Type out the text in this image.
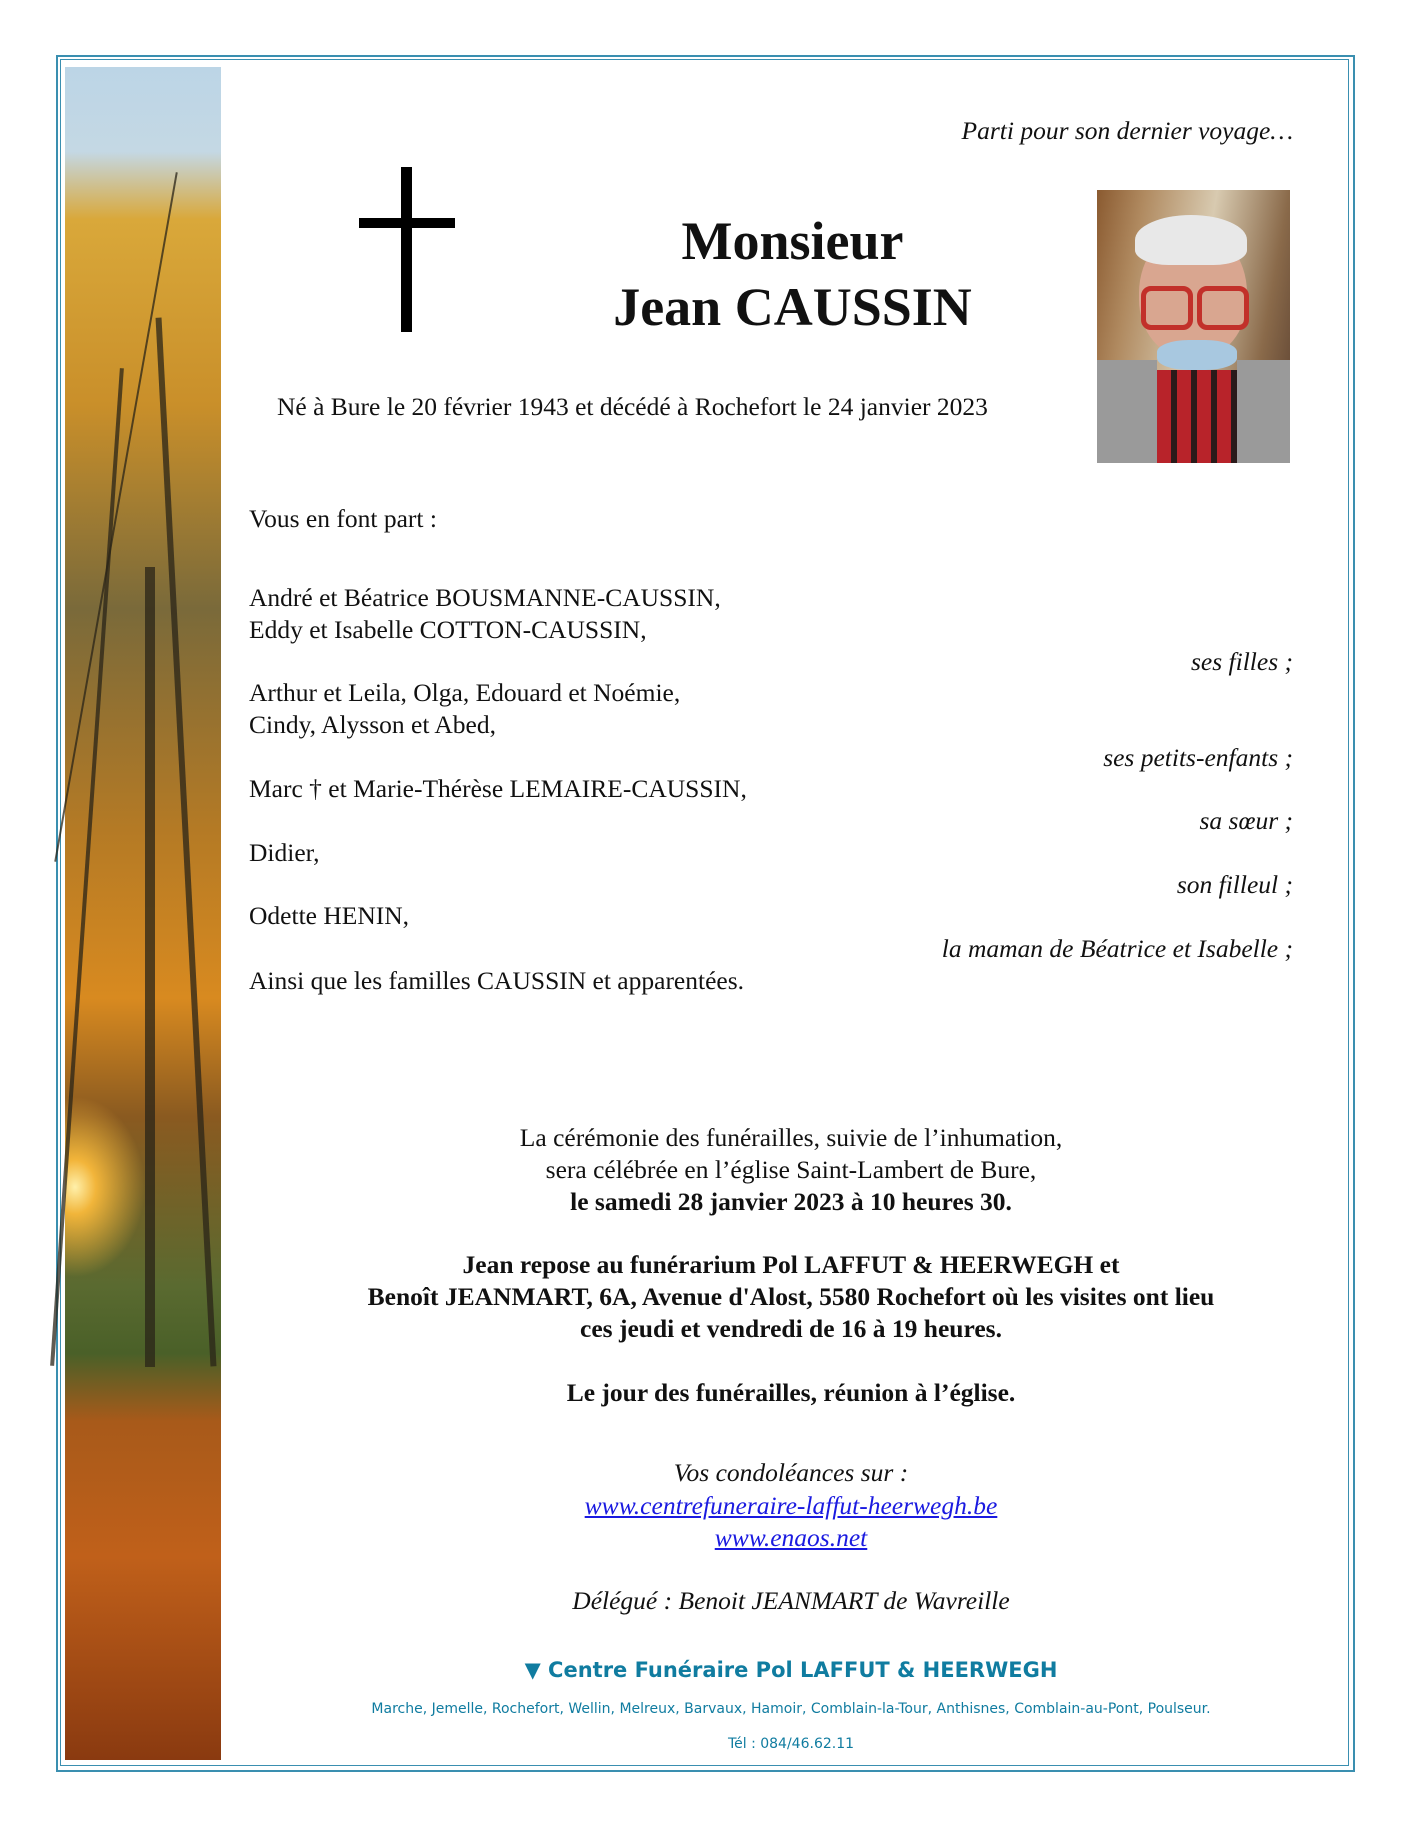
Parti pour son dernier voyage…
Monsieur
Jean CAUSSIN
Né à Bure le 20 février 1943 et décédé à Rochefort le 24 janvier 2023
Vous en font part :
André et Béatrice BOUSMANNE-CAUSSIN,
Eddy et Isabelle COTTON-CAUSSIN,
ses filles ;
Arthur et Leila, Olga, Edouard et Noémie,
Cindy, Alysson et Abed,
ses petits-enfants ;
Marc † et Marie-Thérèse LEMAIRE-CAUSSIN,
sa sœur ;
Didier,
son filleul ;
Odette HENIN,
la maman de Béatrice et Isabelle ;
Ainsi que les familles CAUSSIN et apparentées.
La cérémonie des funérailles, suivie de l’inhumation,
sera célébrée en l’église Saint-Lambert de Bure,
le samedi 28 janvier 2023 à 10 heures 30.
Jean repose au funérarium Pol LAFFUT & HEERWEGH et
Benoît JEANMART, 6A, Avenue d'Alost, 5580 Rochefort où les visites ont lieu
ces jeudi et vendredi de 16 à 19 heures.
Le jour des funérailles, réunion à l’église.
Vos condoléances sur :
www.centrefuneraire-laffut-heerwegh.be
www.enaos.net
Délégué : Benoit JEANMART de Wavreille
▼ Centre Funéraire Pol LAFFUT & HEERWEGH
Marche, Jemelle, Rochefort, Wellin, Melreux, Barvaux, Hamoir, Comblain-la-Tour, Anthisnes, Comblain-au-Pont, Poulseur.
Tél : 084/46.62.11
